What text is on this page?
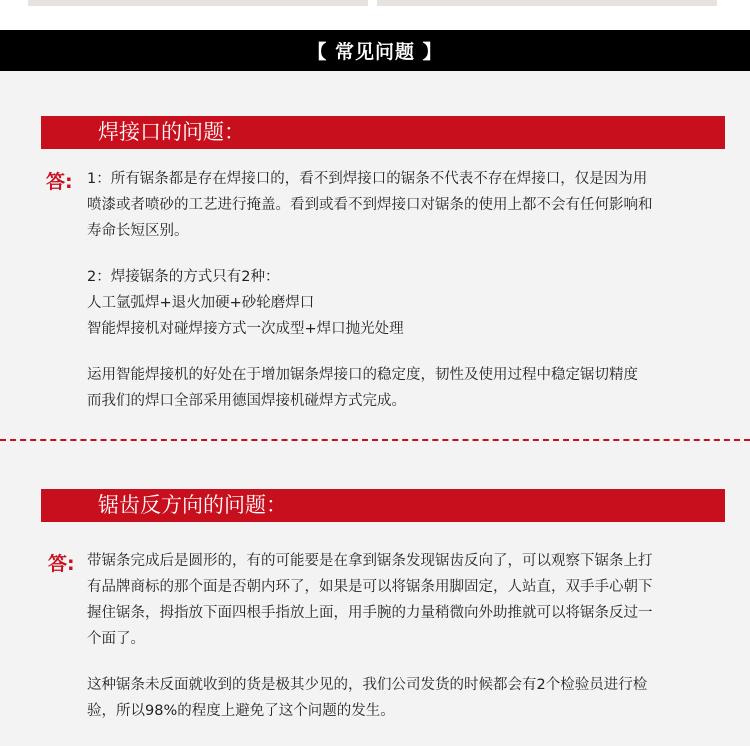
【 常见问题 】
焊接口的问题：
答: 1：所有锯条都是存在焊接口的，看不到焊接口的锯条不代表不存在焊接口，仅是因为用
喷漆或者喷砂的工艺进行掩盖。看到或看不到焊接口对锯条的使用上都不会有任何影响和
寿命长短区别。

2：焊接锯条的方式只有2种：
人工氩弧焊+退火加硬+砂轮磨焊口
智能焊接机对碰焊接方式一次成型+焊口抛光处理

运用智能焊接机的好处在于增加锯条焊接口的稳定度，韧性及使用过程中稳定锯切精度
而我们的焊口全部采用德国焊接机碰焊方式完成。

锯齿反方向的问题：
答: 带锯条完成后是圆形的，有的可能要是在拿到锯条发现锯齿反向了，可以观察下锯条上打
有品牌商标的那个面是否朝内环了，如果是可以将锯条用脚固定，人站直，双手手心朝下
握住锯条，拇指放下面四根手指放上面，用手腕的力量稍微向外助推就可以将锯条反过一
个面了。

这种锯条未反面就收到的货是极其少见的，我们公司发货的时候都会有2个检验员进行检
验，所以98%的程度上避免了这个问题的发生。
